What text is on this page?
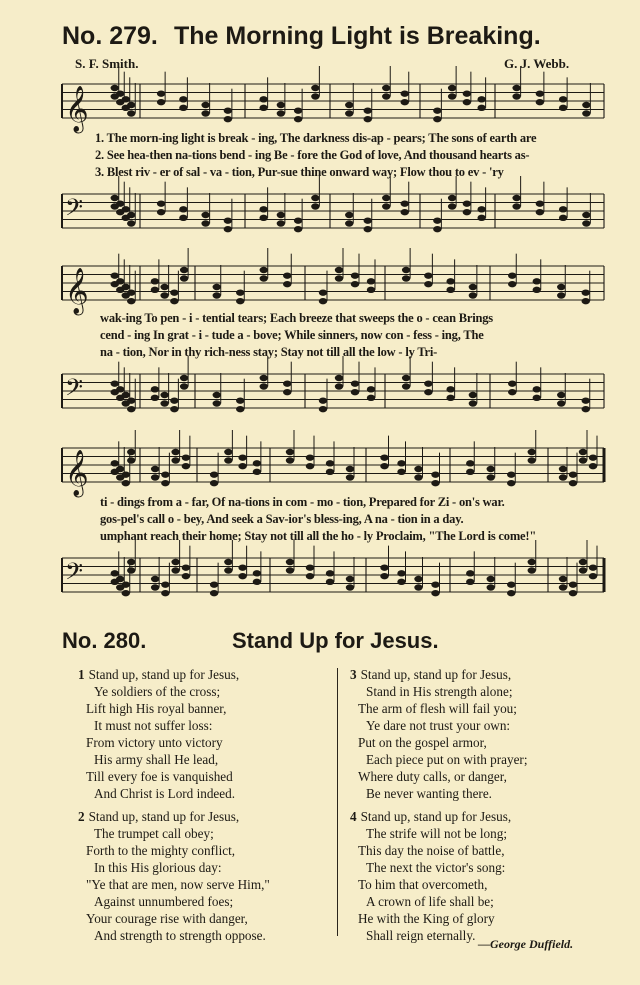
No. 279. The Morning Light is Breaking.
S. F. Smith.	G. J. Webb.
𝄞
𝄢
1. The morn-ing light is break - ing, The darkness dis-ap - pears; The sons of earth are
2. See hea-then na-tions bend - ing Be - fore the God of love, And thousand hearts as-
3. Blest riv - er of sal - va - tion, Pur-sue thine onward way; Flow thou to ev - 'ry
𝄞
𝄢
wak-ing To pen - i - tential tears; Each breeze that sweeps the o - cean Brings
cend - ing In grat - i - tude a - bove; While sinners, now con - fess - ing, The
na - tion, Nor in thy rich-ness stay; Stay not till all the low - ly Tri-
𝄞
𝄢
ti - dings from a - far, Of na-tions in com - mo - tion, Prepared for Zi - on's war.
gos-pel's call o - bey, And seek a Sav-ior's bless-ing, A na - tion in a day.
umphant reach their home; Stay not till all the ho - ly Proclaim, "The Lord is come!"
No. 280.	Stand Up for Jesus.
1 Stand up, stand up for Jesus,
Ye soldiers of the cross;
Lift high His royal banner,
It must not suffer loss:
From victory unto victory
His army shall He lead,
Till every foe is vanquished
And Christ is Lord indeed.
2 Stand up, stand up for Jesus,
The trumpet call obey;
Forth to the mighty conflict,
In this His glorious day:
"Ye that are men, now serve Him,"
Against unnumbered foes;
Your courage rise with danger,
And strength to strength oppose.
3 Stand up, stand up for Jesus,
Stand in His strength alone;
The arm of flesh will fail you;
Ye dare not trust your own:
Put on the gospel armor,
Each piece put on with prayer;
Where duty calls, or danger,
Be never wanting there.
4 Stand up, stand up for Jesus,
The strife will not be long;
This day the noise of battle,
The next the victor's song:
To him that overcometh,
A crown of life shall be;
He with the King of glory
Shall reign eternally.
—George Duffield.
